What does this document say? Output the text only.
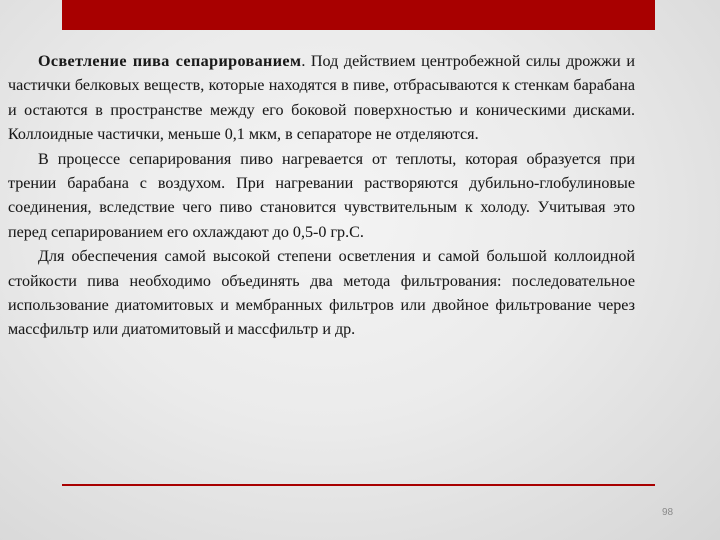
Осветление пива сепарированием. Под действием центробежной силы дрожжи и частички белковых веществ, которые находятся в пиве, отбрасываются к стенкам барабана и остаются в пространстве между его боковой поверхностью и коническими дисками. Коллоидные частички, меньше 0,1 мкм, в сепараторе не отделяются.

В процессе сепарирования пиво нагревается от теплоты, которая образуется при трении барабана с воздухом. При нагревании растворяются дубильно-глобулиновые соединения, вследствие чего пиво становится чувствительным к холоду. Учитывая это перед сепарированием его охлаждают до 0,5-0 гр.С.

Для обеспечения самой высокой степени осветления и самой большой коллоидной стойкости пива необходимо объединять два метода фильтрования: последовательное использование диатомитовых и мембранных фильтров или двойное фильтрование через массфильтр или диатомитовый и массфильтр и др.

98
